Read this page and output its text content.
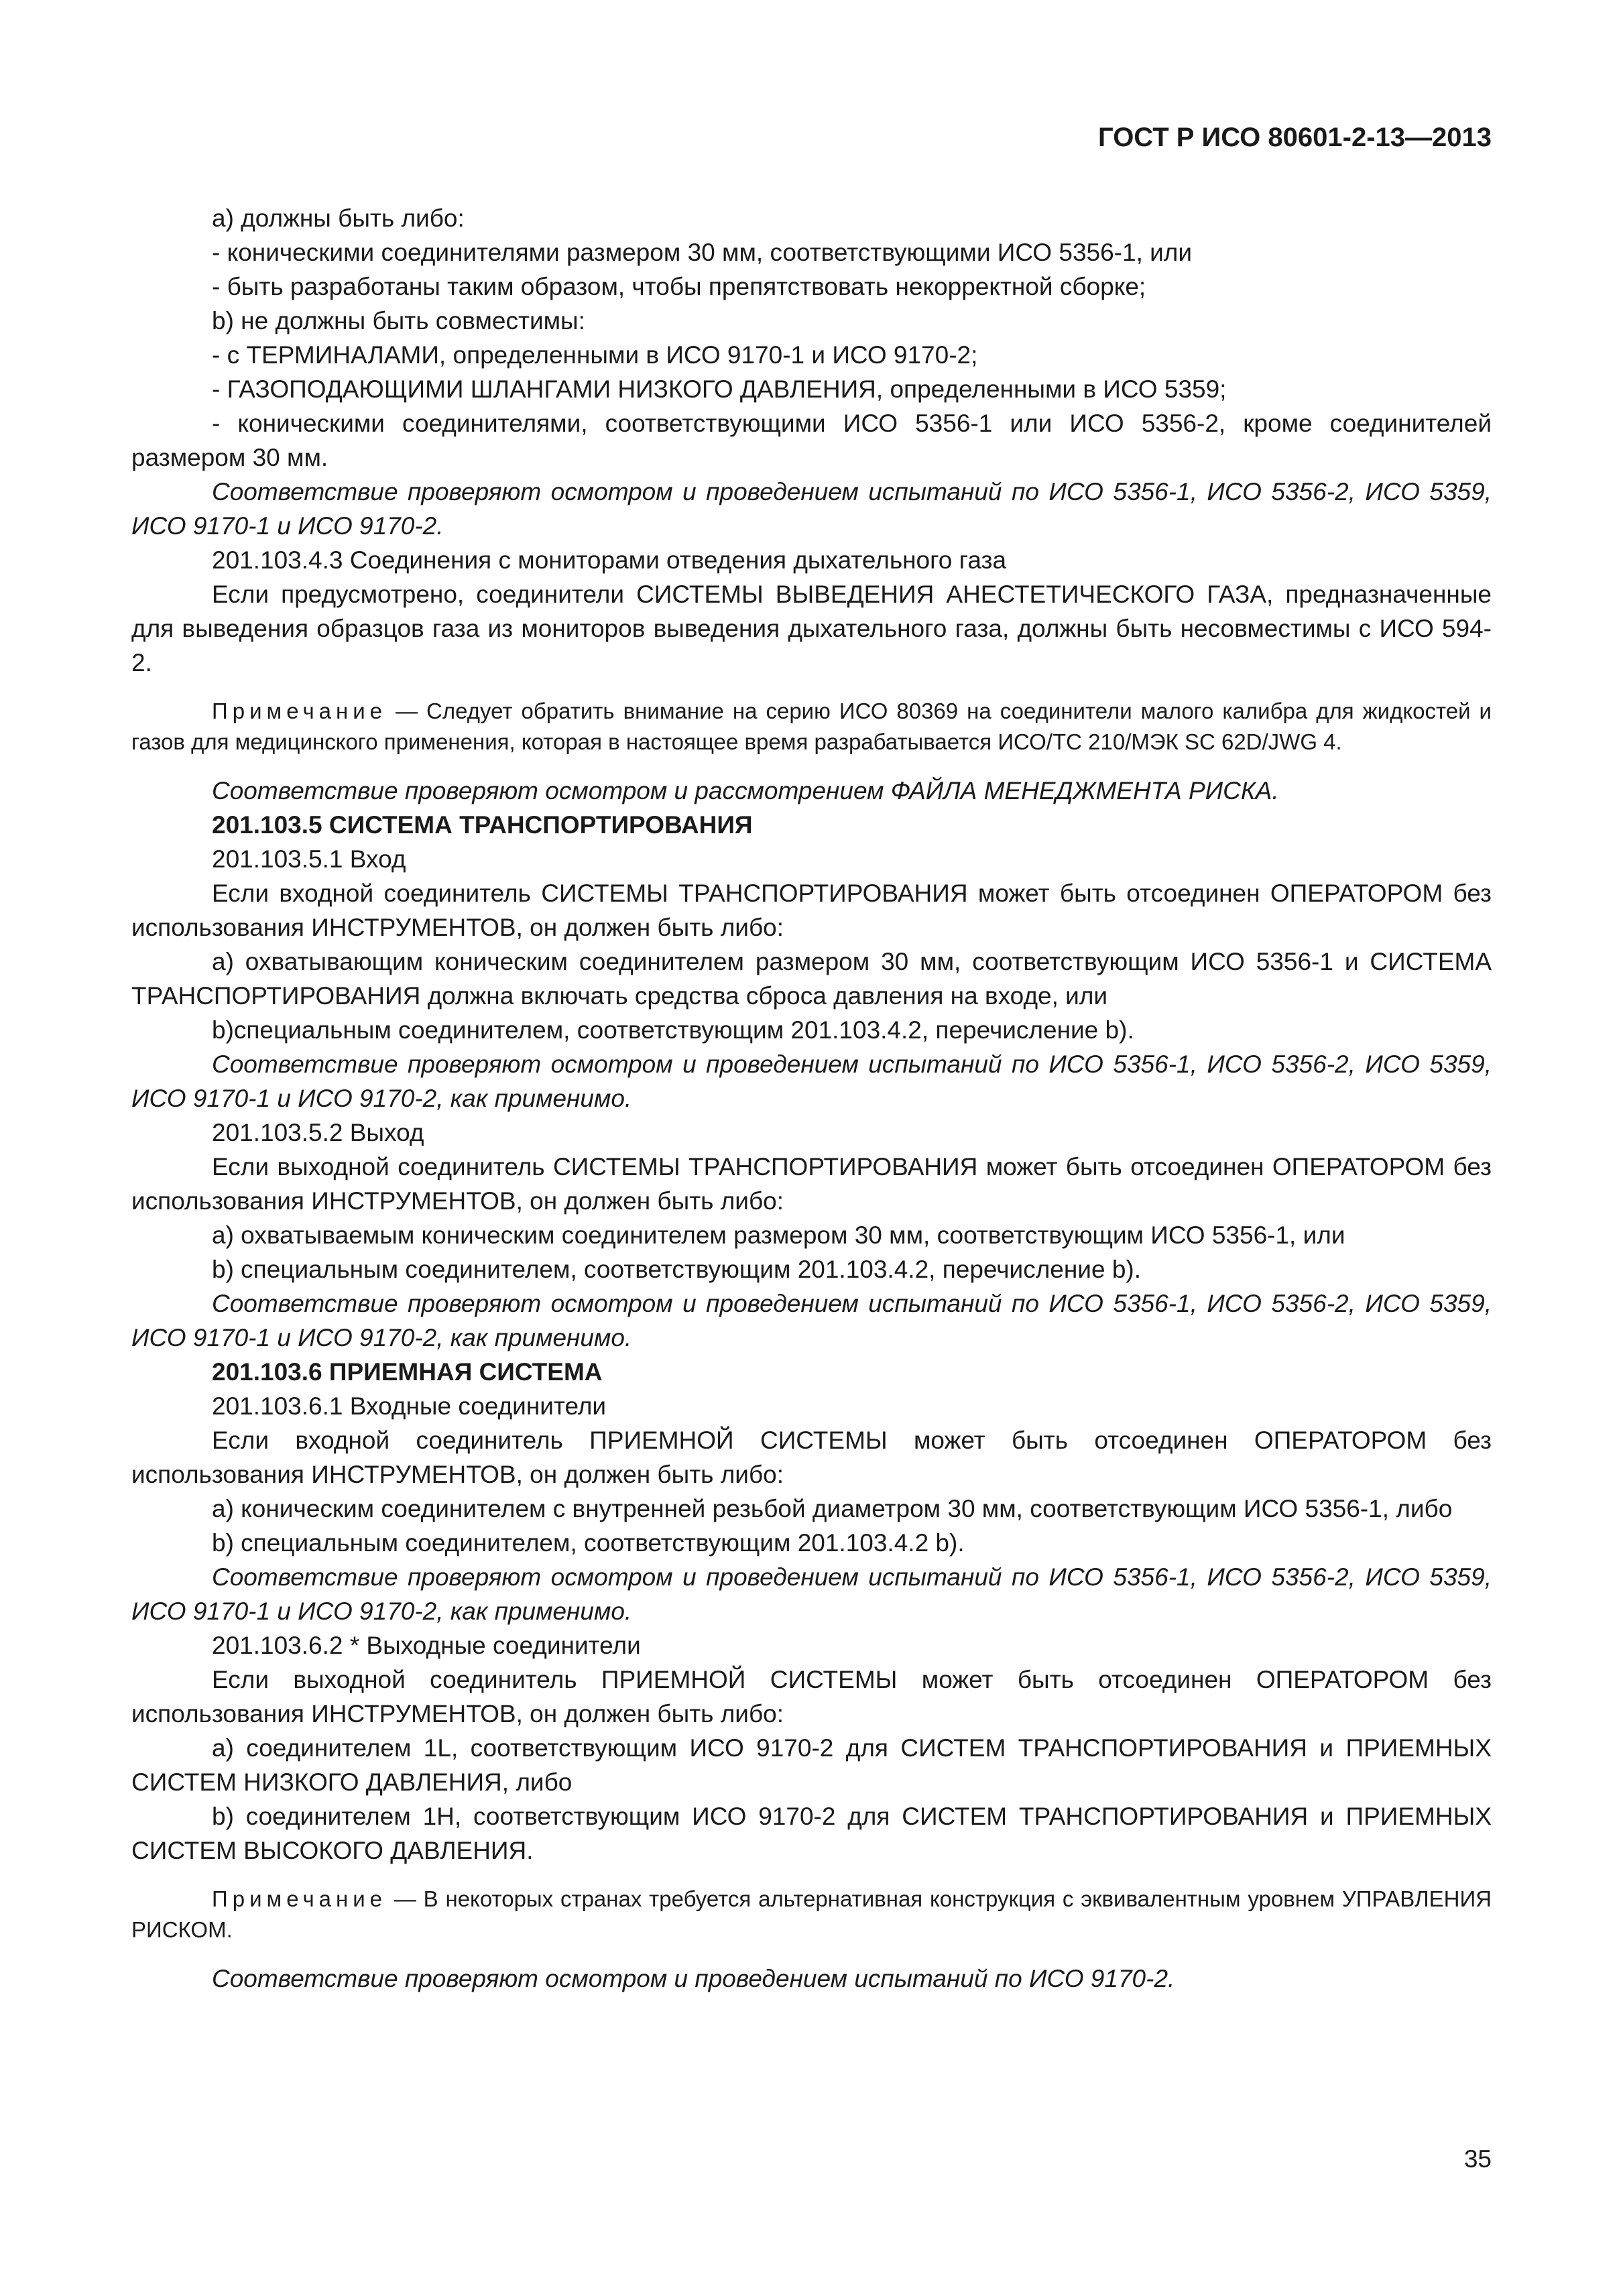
ГОСТ Р ИСО 80601-2-13—2013

а) должны быть либо:

- коническими соединителями размером 30 мм, соответствующими ИСО 5356-1, или

- быть разработаны таким образом, чтобы препятствовать некорректной сборке;

b) не должны быть совместимы:

- с ТЕРМИНАЛАМИ, определенными в ИСО 9170-1 и ИСО 9170-2;

- ГАЗОПОДАЮЩИМИ ШЛАНГАМИ НИЗКОГО ДАВЛЕНИЯ, определенными в ИСО 5359;

- коническими соединителями, соответствующими ИСО 5356-1 или ИСО 5356-2, кроме соединителей размером 30 мм.

Соответствие проверяют осмотром и проведением испытаний по ИСО 5356-1, ИСО 5356-2, ИСО 5359, ИСО 9170-1 и ИСО 9170-2.

201.103.4.3 Соединения с мониторами отведения дыхательного газа

Если предусмотрено, соединители СИСТЕМЫ ВЫВЕДЕНИЯ АНЕСТЕТИЧЕСКОГО ГАЗА, предназначенные для выведения образцов газа из мониторов выведения дыхательного газа, должны быть несовместимы с ИСО 594-2.

Примечание — Следует обратить внимание на серию ИСО 80369 на соединители малого калибра для жидкостей и газов для медицинского применения, которая в настоящее время разрабатывается ИСО/ТС 210/МЭК SC 62D/JWG 4.

Соответствие проверяют осмотром и рассмотрением ФАЙЛА МЕНЕДЖМЕНТА РИСКА.

201.103.5 СИСТЕМА ТРАНСПОРТИРОВАНИЯ

201.103.5.1 Вход

Если входной соединитель СИСТЕМЫ ТРАНСПОРТИРОВАНИЯ может быть отсоединен ОПЕРАТОРОМ без использования ИНСТРУМЕНТОВ, он должен быть либо:

а) охватывающим коническим соединителем размером 30 мм, соответствующим ИСО 5356-1 и СИСТЕМА ТРАНСПОРТИРОВАНИЯ должна включать средства сброса давления на входе, или

b)специальным соединителем, соответствующим 201.103.4.2, перечисление b).

Соответствие проверяют осмотром и проведением испытаний по ИСО 5356-1, ИСО 5356-2, ИСО 5359, ИСО 9170-1 и ИСО 9170-2, как применимо.

201.103.5.2 Выход

Если выходной соединитель СИСТЕМЫ ТРАНСПОРТИРОВАНИЯ может быть отсоединен ОПЕРАТОРОМ без использования ИНСТРУМЕНТОВ, он должен быть либо:

а) охватываемым коническим соединителем размером 30 мм, соответствующим ИСО 5356-1, или

b) специальным соединителем, соответствующим 201.103.4.2, перечисление b).

Соответствие проверяют осмотром и проведением испытаний по ИСО 5356-1, ИСО 5356-2, ИСО 5359, ИСО 9170-1 и ИСО 9170-2, как применимо.

201.103.6 ПРИЕМНАЯ СИСТЕМА

201.103.6.1 Входные соединители

Если входной соединитель ПРИЕМНОЙ СИСТЕМЫ может быть отсоединен ОПЕРАТОРОМ без использования ИНСТРУМЕНТОВ, он должен быть либо:

а) коническим соединителем с внутренней резьбой диаметром 30 мм, соответствующим ИСО 5356-1, либо

b) специальным соединителем, соответствующим 201.103.4.2 b).

Соответствие проверяют осмотром и проведением испытаний по ИСО 5356-1, ИСО 5356-2, ИСО 5359, ИСО 9170-1 и ИСО 9170-2, как применимо.

201.103.6.2 * Выходные соединители

Если выходной соединитель ПРИЕМНОЙ СИСТЕМЫ может быть отсоединен ОПЕРАТОРОМ без использования ИНСТРУМЕНТОВ, он должен быть либо:

а) соединителем 1L, соответствующим ИСО 9170-2 для СИСТЕМ ТРАНСПОРТИРОВАНИЯ и ПРИЕМНЫХ СИСТЕМ НИЗКОГО ДАВЛЕНИЯ, либо

b) соединителем 1H, соответствующим ИСО 9170-2 для СИСТЕМ ТРАНСПОРТИРОВАНИЯ и ПРИЕМНЫХ СИСТЕМ ВЫСОКОГО ДАВЛЕНИЯ.

Примечание — В некоторых странах требуется альтернативная конструкция с эквивалентным уровнем УПРАВЛЕНИЯ РИСКОМ.

Соответствие проверяют осмотром и проведением испытаний по ИСО 9170-2.

35
